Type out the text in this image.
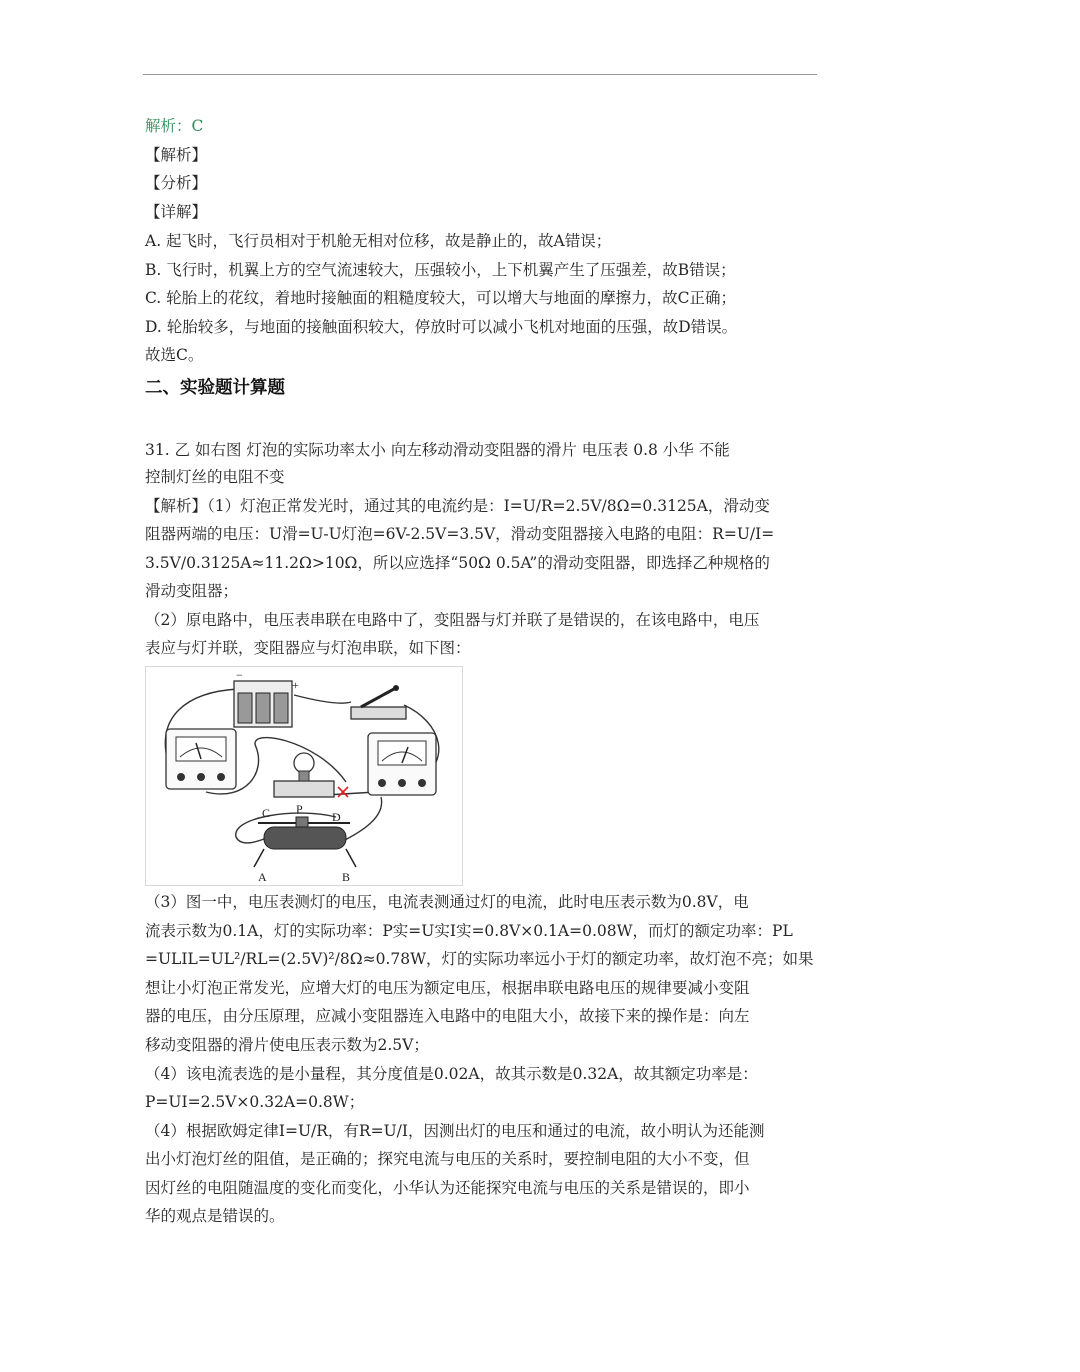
解析：C
【解析】
【分析】
【详解】
A. 起飞时，飞行员相对于机舱无相对位移，故是静止的，故A错误；
B. 飞行时，机翼上方的空气流速较大，压强较小，上下机翼产生了压强差，故B错误；
C. 轮胎上的花纹，着地时接触面的粗糙度较大，可以增大与地面的摩擦力，故C正确；
D. 轮胎较多，与地面的接触面积较大，停放时可以减小飞机对地面的压强，故D错误。
故选C。
二、实验题计算题
31. 乙 如右图 灯泡的实际功率太小 向左移动滑动变阻器的滑片 电压表 0.8 小华 不能
控制灯丝的电阻不变
【解析】（1）灯泡正常发光时，通过其的电流约是：I=U/R=2.5V/8Ω=0.3125A，滑动变
阻器两端的电压：U滑=U-U灯泡=6V-2.5V=3.5V，滑动变阻器接入电路的电阻：R=U/I=
3.5V/0.3125A≈11.2Ω>10Ω，所以应选择“50Ω 0.5A”的滑动变阻器，即选择乙种规格的
滑动变阻器；
（2）原电路中，电压表串联在电路中了，变阻器与灯并联了是错误的，在该电路中，电压
表应与灯并联，变阻器应与灯泡串联，如下图：
−
+
C P
D
A	B
（3）图一中，电压表测灯的电压，电流表测通过灯的电流，此时电压表示数为0.8V，电
流表示数为0.1A，灯的实际功率：P实=U实I实=0.8V×0.1A=0.08W，而灯的额定功率：PL
=ULIL=UL²/RL=(2.5V)²/8Ω≈0.78W，灯的实际功率远小于灯的额定功率，故灯泡不亮；如果
想让小灯泡正常发光，应增大灯的电压为额定电压，根据串联电路电压的规律要减小变阻
器的电压，由分压原理，应减小变阻器连入电路中的电阻大小，故接下来的操作是：向左
移动变阻器的滑片使电压表示数为2.5V；
（4）该电流表选的是小量程，其分度值是0.02A，故其示数是0.32A，故其额定功率是：
P=UI=2.5V×0.32A=0.8W；
（4）根据欧姆定律I=U/R，有R=U/I，因测出灯的电压和通过的电流，故小明认为还能测
出小灯泡灯丝的阻值，是正确的；探究电流与电压的关系时，要控制电阻的大小不变，但
因灯丝的电阻随温度的变化而变化，小华认为还能探究电流与电压的关系是错误的，即小
华的观点是错误的。
